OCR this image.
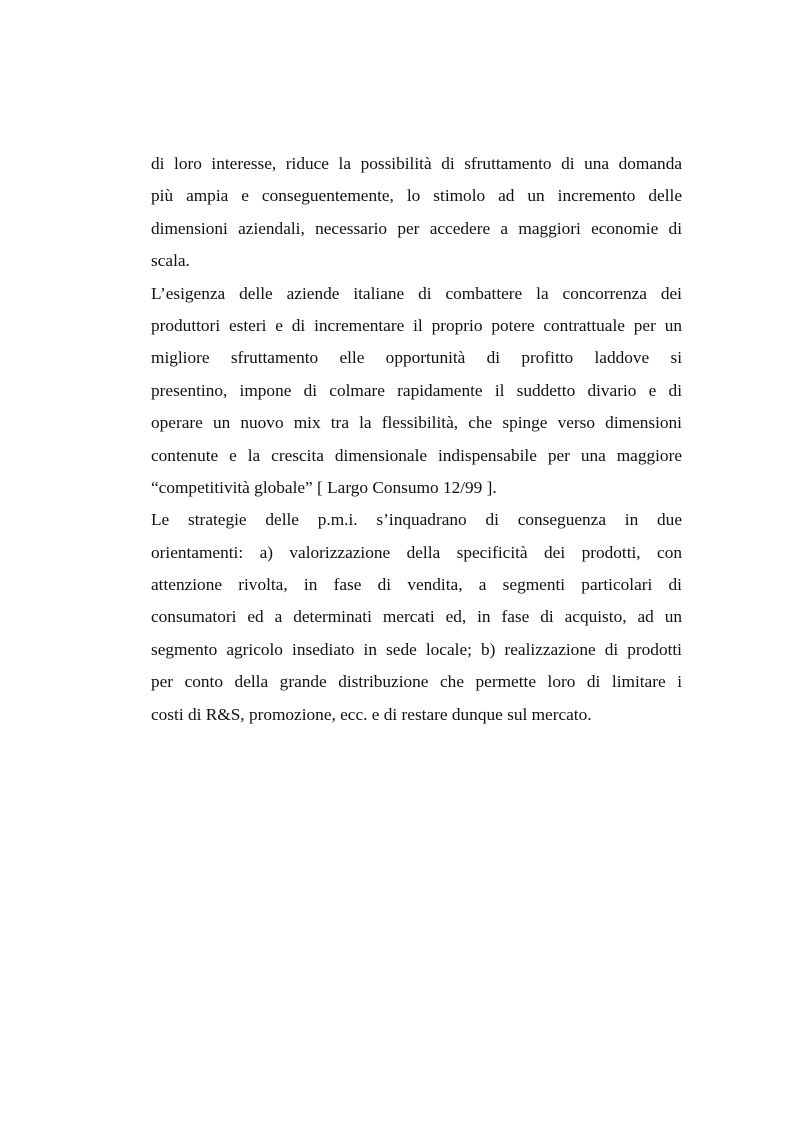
di loro interesse, riduce la possibilità di sfruttamento di una domanda
più ampia e conseguentemente, lo stimolo ad un incremento delle
dimensioni aziendali, necessario per accedere a maggiori economie di
scala.
L’esigenza delle aziende italiane di combattere la concorrenza dei
produttori esteri e di incrementare il proprio potere contrattuale per un
migliore sfruttamento elle opportunità di profitto laddove si
presentino, impone di colmare rapidamente il suddetto divario e di
operare un nuovo mix tra la flessibilità, che spinge verso dimensioni
contenute e la crescita dimensionale indispensabile per una maggiore
“competitività globale” [ Largo Consumo 12/99 ].
Le strategie delle p.m.i. s’inquadrano di conseguenza in due
orientamenti: a) valorizzazione della specificità dei prodotti, con
attenzione rivolta, in fase di vendita, a segmenti particolari di
consumatori ed a determinati mercati ed, in fase di acquisto, ad un
segmento agricolo insediato in sede locale; b) realizzazione di prodotti
per conto della grande distribuzione che permette loro di limitare i
costi di R&S, promozione, ecc. e di restare dunque sul mercato.
